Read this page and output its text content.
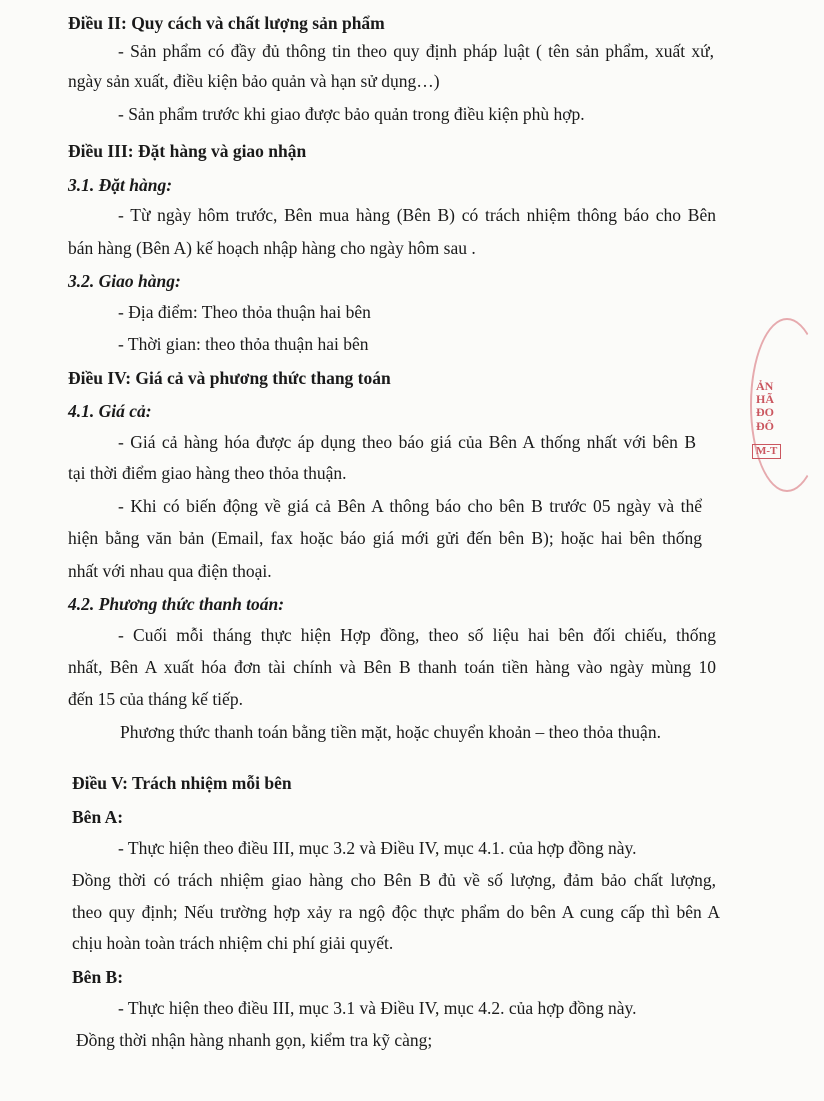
Điều II: Quy cách và chất lượng sản phẩm
- Sản phẩm có đầy đủ thông tin theo quy định pháp luật ( tên sản phẩm, xuất xứ,
ngày sản xuất, điều kiện bảo quản và hạn sử dụng…)
- Sản phẩm trước khi giao được bảo quản trong điều kiện phù hợp.
Điều III: Đặt hàng và giao nhận
3.1. Đặt hàng:
- Từ ngày hôm trước, Bên mua hàng (Bên B) có trách nhiệm thông báo cho Bên
bán hàng (Bên A) kế hoạch nhập hàng cho ngày hôm sau .
3.2. Giao hàng:
- Địa điểm: Theo thỏa thuận hai bên
- Thời gian: theo thỏa thuận hai bên
Điều IV: Giá cả và phương thức thang toán
4.1. Giá cả:
- Giá cả hàng hóa được áp dụng theo báo giá của Bên A thống nhất với bên B
tại thời điểm giao hàng theo thỏa thuận.
- Khi có biến động về giá cả Bên A thông báo cho bên B trước 05 ngày và thể
hiện bằng văn bản (Email, fax hoặc báo giá mới gửi đến bên B); hoặc hai bên thống
nhất với nhau qua điện thoại.
4.2. Phương thức thanh toán:
- Cuối mỗi tháng thực hiện Hợp đồng, theo số liệu hai bên đối chiếu, thống
nhất, Bên A xuất hóa đơn tài chính và Bên B thanh toán tiền hàng vào ngày mùng 10
đến 15 của tháng kế tiếp.
Phương thức thanh toán bằng tiền mặt, hoặc chuyển khoản – theo thỏa thuận.
Điều V: Trách nhiệm mỗi bên
Bên A:
- Thực hiện theo điều III, mục 3.2 và Điều IV, mục 4.1. của hợp đồng này.
Đồng thời có trách nhiệm giao hàng cho Bên B đủ về số lượng, đảm bảo chất lượng,
theo quy định; Nếu trường hợp xảy ra ngộ độc thực phẩm do bên A cung cấp thì bên A
chịu hoàn toàn trách nhiệm chi phí giải quyết.
Bên B:
- Thực hiện theo điều III, mục 3.1 và Điều IV, mục 4.2. của hợp đồng này.
Đồng thời nhận hàng nhanh gọn, kiểm tra kỹ càng;
ẢN
HÃ
ĐO
ĐÔ
M-T
